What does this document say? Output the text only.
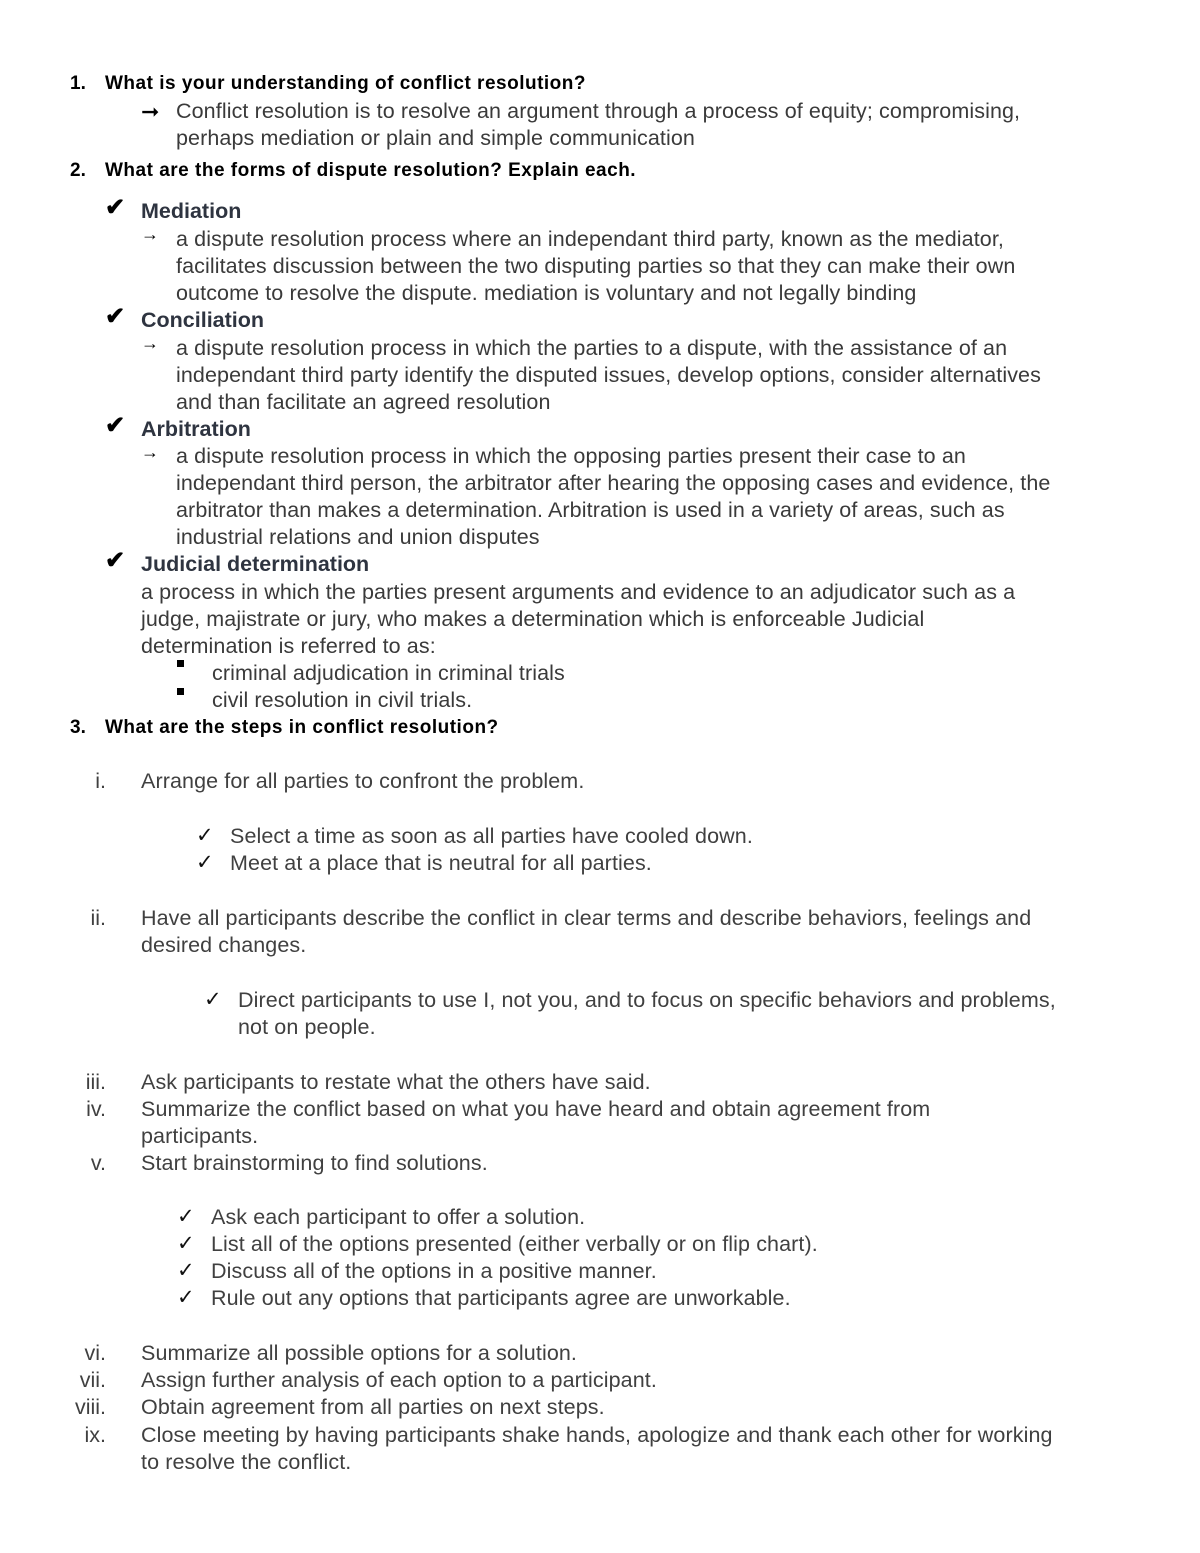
1. What is your understanding of conflict resolution?
➞ Conflict resolution is to resolve an argument through a process of equity; compromising,
perhaps mediation or plain and simple communication
2. What are the forms of dispute resolution? Explain each.
✔ Mediation
→ a dispute resolution process where an independant third party, known as the mediator,
facilitates discussion between the two disputing parties so that they can make their own
outcome to resolve the dispute. mediation is voluntary and not legally binding
✔ Conciliation
→ a dispute resolution process in which the parties to a dispute, with the assistance of an
independant third party identify the disputed issues, develop options, consider alternatives
and than facilitate an agreed resolution
✔ Arbitration
→ a dispute resolution process in which the opposing parties present their case to an
independant third person, the arbitrator after hearing the opposing cases and evidence, the
arbitrator than makes a determination. Arbitration is used in a variety of areas, such as
industrial relations and union disputes
✔ Judicial determination
a process in which the parties present arguments and evidence to an adjudicator such as a
judge, majistrate or jury, who makes a determination which is enforceable Judicial
determination is referred to as:
criminal adjudication in criminal trials
civil resolution in civil trials.
3. What are the steps in conflict resolution?
i. Arrange for all parties to confront the problem.
✓ Select a time as soon as all parties have cooled down.
✓ Meet at a place that is neutral for all parties.
ii. Have all participants describe the conflict in clear terms and describe behaviors, feelings and
desired changes.
✓ Direct participants to use I, not you, and to focus on specific behaviors and problems,
not on people.
iii. Ask participants to restate what the others have said.
iv. Summarize the conflict based on what you have heard and obtain agreement from
participants.
v. Start brainstorming to find solutions.
✓ Ask each participant to offer a solution.
✓ List all of the options presented (either verbally or on flip chart).
✓ Discuss all of the options in a positive manner.
✓ Rule out any options that participants agree are unworkable.
vi. Summarize all possible options for a solution.
vii. Assign further analysis of each option to a participant.
viii. Obtain agreement from all parties on next steps.
ix. Close meeting by having participants shake hands, apologize and thank each other for working
to resolve the conflict.
